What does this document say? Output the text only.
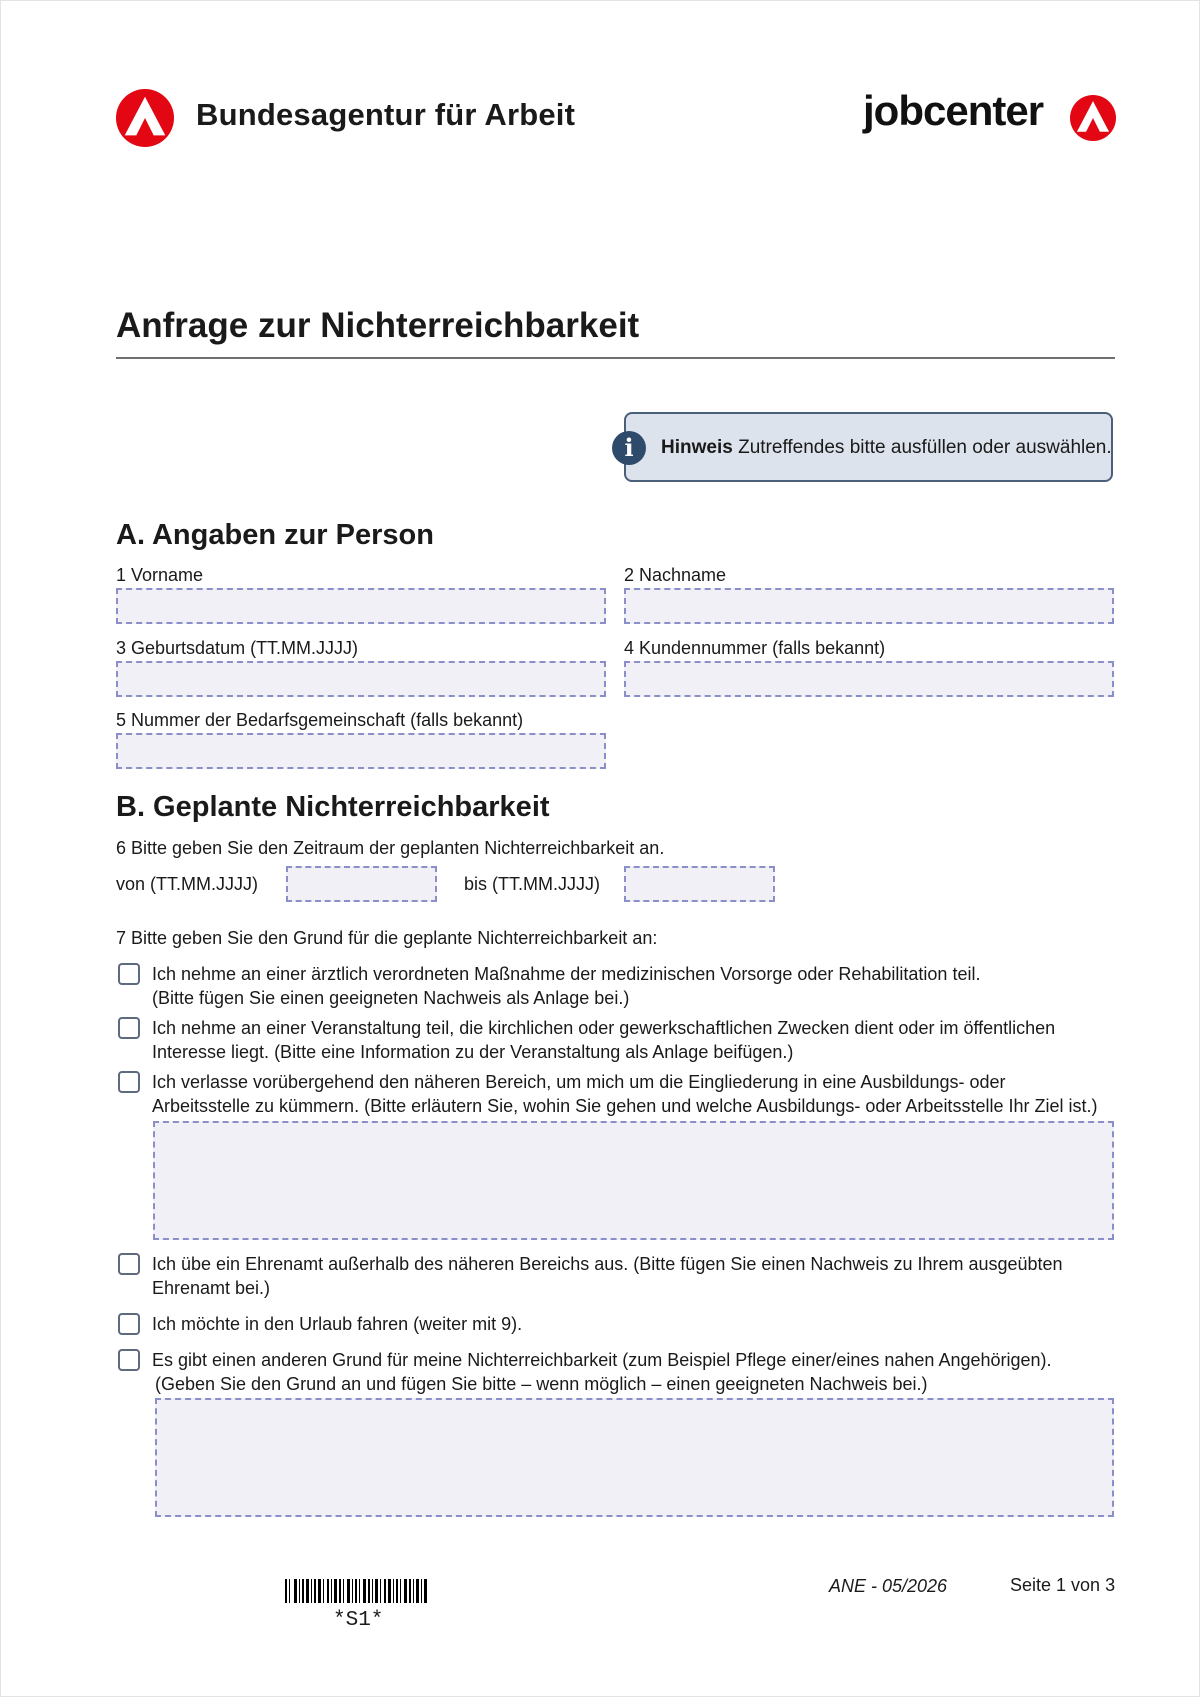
Bundesagentur für Arbeit	jobcenter
Anfrage zur Nichterreichbarkeit
i	Hinweis Zutreffendes bitte ausfüllen oder auswählen.
A. Angaben zur Person
1 Vorname	2 Nachname
3 Geburtsdatum (TT.MM.JJJJ)	4 Kundennummer (falls bekannt)
5 Nummer der Bedarfsgemeinschaft (falls bekannt)
B. Geplante Nichterreichbarkeit
6 Bitte geben Sie den Zeitraum der geplanten Nichterreichbarkeit an.
von (TT.MM.JJJJ)	bis (TT.MM.JJJJ)
7 Bitte geben Sie den Grund für die geplante Nichterreichbarkeit an:
Ich nehme an einer ärztlich verordneten Maßnahme der medizinischen Vorsorge oder Rehabilitation teil.
(Bitte fügen Sie einen geeigneten Nachweis als Anlage bei.)
Ich nehme an einer Veranstaltung teil, die kirchlichen oder gewerkschaftlichen Zwecken dient oder im öffentlichen
Interesse liegt. (Bitte eine Information zu der Veranstaltung als Anlage beifügen.)
Ich verlasse vorübergehend den näheren Bereich, um mich um die Eingliederung in eine Ausbildungs- oder
Arbeitsstelle zu kümmern. (Bitte erläutern Sie, wohin Sie gehen und welche Ausbildungs- oder Arbeitsstelle Ihr Ziel ist.)
Ich übe ein Ehrenamt außerhalb des näheren Bereichs aus. (Bitte fügen Sie einen Nachweis zu Ihrem ausgeübten
Ehrenamt bei.)
Ich möchte in den Urlaub fahren (weiter mit 9).
Es gibt einen anderen Grund für meine Nichterreichbarkeit (zum Beispiel Pflege einer/eines nahen Angehörigen).
(Geben Sie den Grund an und fügen Sie bitte – wenn möglich – einen geeigneten Nachweis bei.)
*S1*
ANE - 05/2026	Seite 1 von 3
